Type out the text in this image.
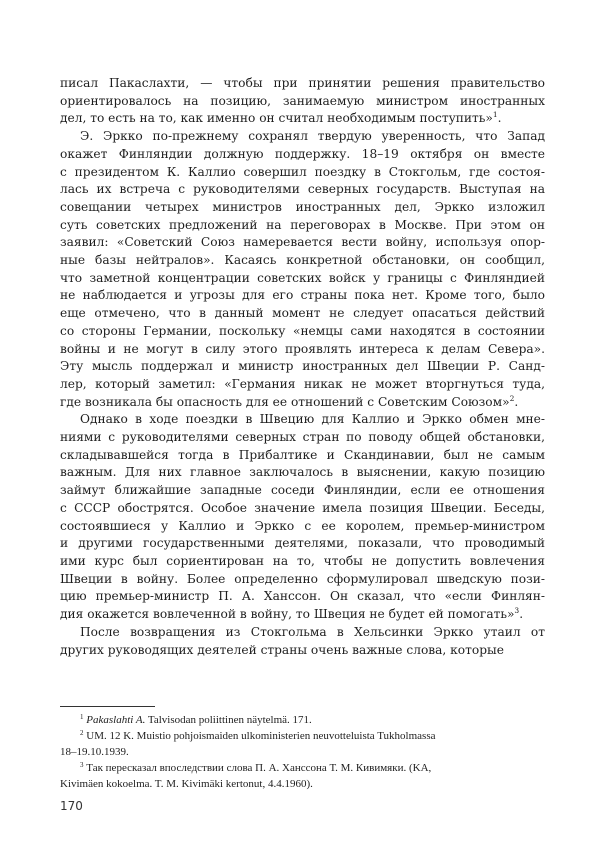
писал Пакаслахти, — чтобы при принятии решения правительство
ориентировалось на позицию, занимаемую министром иностранных
дел, то есть на то, как именно он считал необходимым поступить»$^1$.
Э. Эркко по-прежнему сохранял твердую уверенность, что Запад
окажет Финляндии должную поддержку. 18–19 октября он вместе
с президентом К. Каллио совершил поездку в Стокгольм, где состоя-
лась их встреча с руководителями северных государств. Выступая на
совещании четырех министров иностранных дел, Эркко изложил
суть советских предложений на переговорах в Москве. При этом он
заявил: «Советский Союз намеревается вести войну, используя опор-
ные базы нейтралов». Касаясь конкретной обстановки, он сообщил,
что заметной концентрации советских войск у границы с Финляндией
не наблюдается и угрозы для его страны пока нет. Кроме того, было
еще отмечено, что в данный момент не следует опасаться действий
со стороны Германии, поскольку «немцы сами находятся в состоянии
войны и не могут в силу этого проявлять интереса к делам Севера».
Эту мысль поддержал и министр иностранных дел Швеции Р. Санд-
лер, который заметил: «Германия никак не может вторгнуться туда,
где возникала бы опасность для ее отношений с Советским Союзом»$^2$.
Однако в ходе поездки в Швецию для Каллио и Эркко обмен мне-
ниями с руководителями северных стран по поводу общей обстановки,
складывавшейся тогда в Прибалтике и Скандинавии, был не самым
важным. Для них главное заключалось в выяснении, какую позицию
займут ближайшие западные соседи Финляндии, если ее отношения
с СССР обострятся. Особое значение имела позиция Швеции. Беседы,
состоявшиеся у Каллио и Эркко с ее королем, премьер-министром
и другими государственными деятелями, показали, что проводимый
ими курс был сориентирован на то, чтобы не допустить вовлечения
Швеции в войну. Более определенно сформулировал шведскую пози-
цию премьер-министр П. А. Ханссон. Он сказал, что «если Финлян-
дия окажется вовлеченной в войну, то Швеция не будет ей помогать»$^3$.
После возвращения из Стокгольма в Хельсинки Эркко утаил от
других руководящих деятелей страны очень важные слова, которые
$^1$ Pakaslahti A. Talvisodan poliittinen näytelmä. 171.
$^2$ UM. 12 K. Muistio pohjoismaiden ulkoministerien neuvotteluista Tukholmassa
18–19.10.1939.
$^3$ Так пересказал впоследствии слова П. А. Ханссона Т. М. Кивимяки. (KA,
Kivimäen kokoelma. T. M. Kivimäki kertonut, 4.4.1960).
170
